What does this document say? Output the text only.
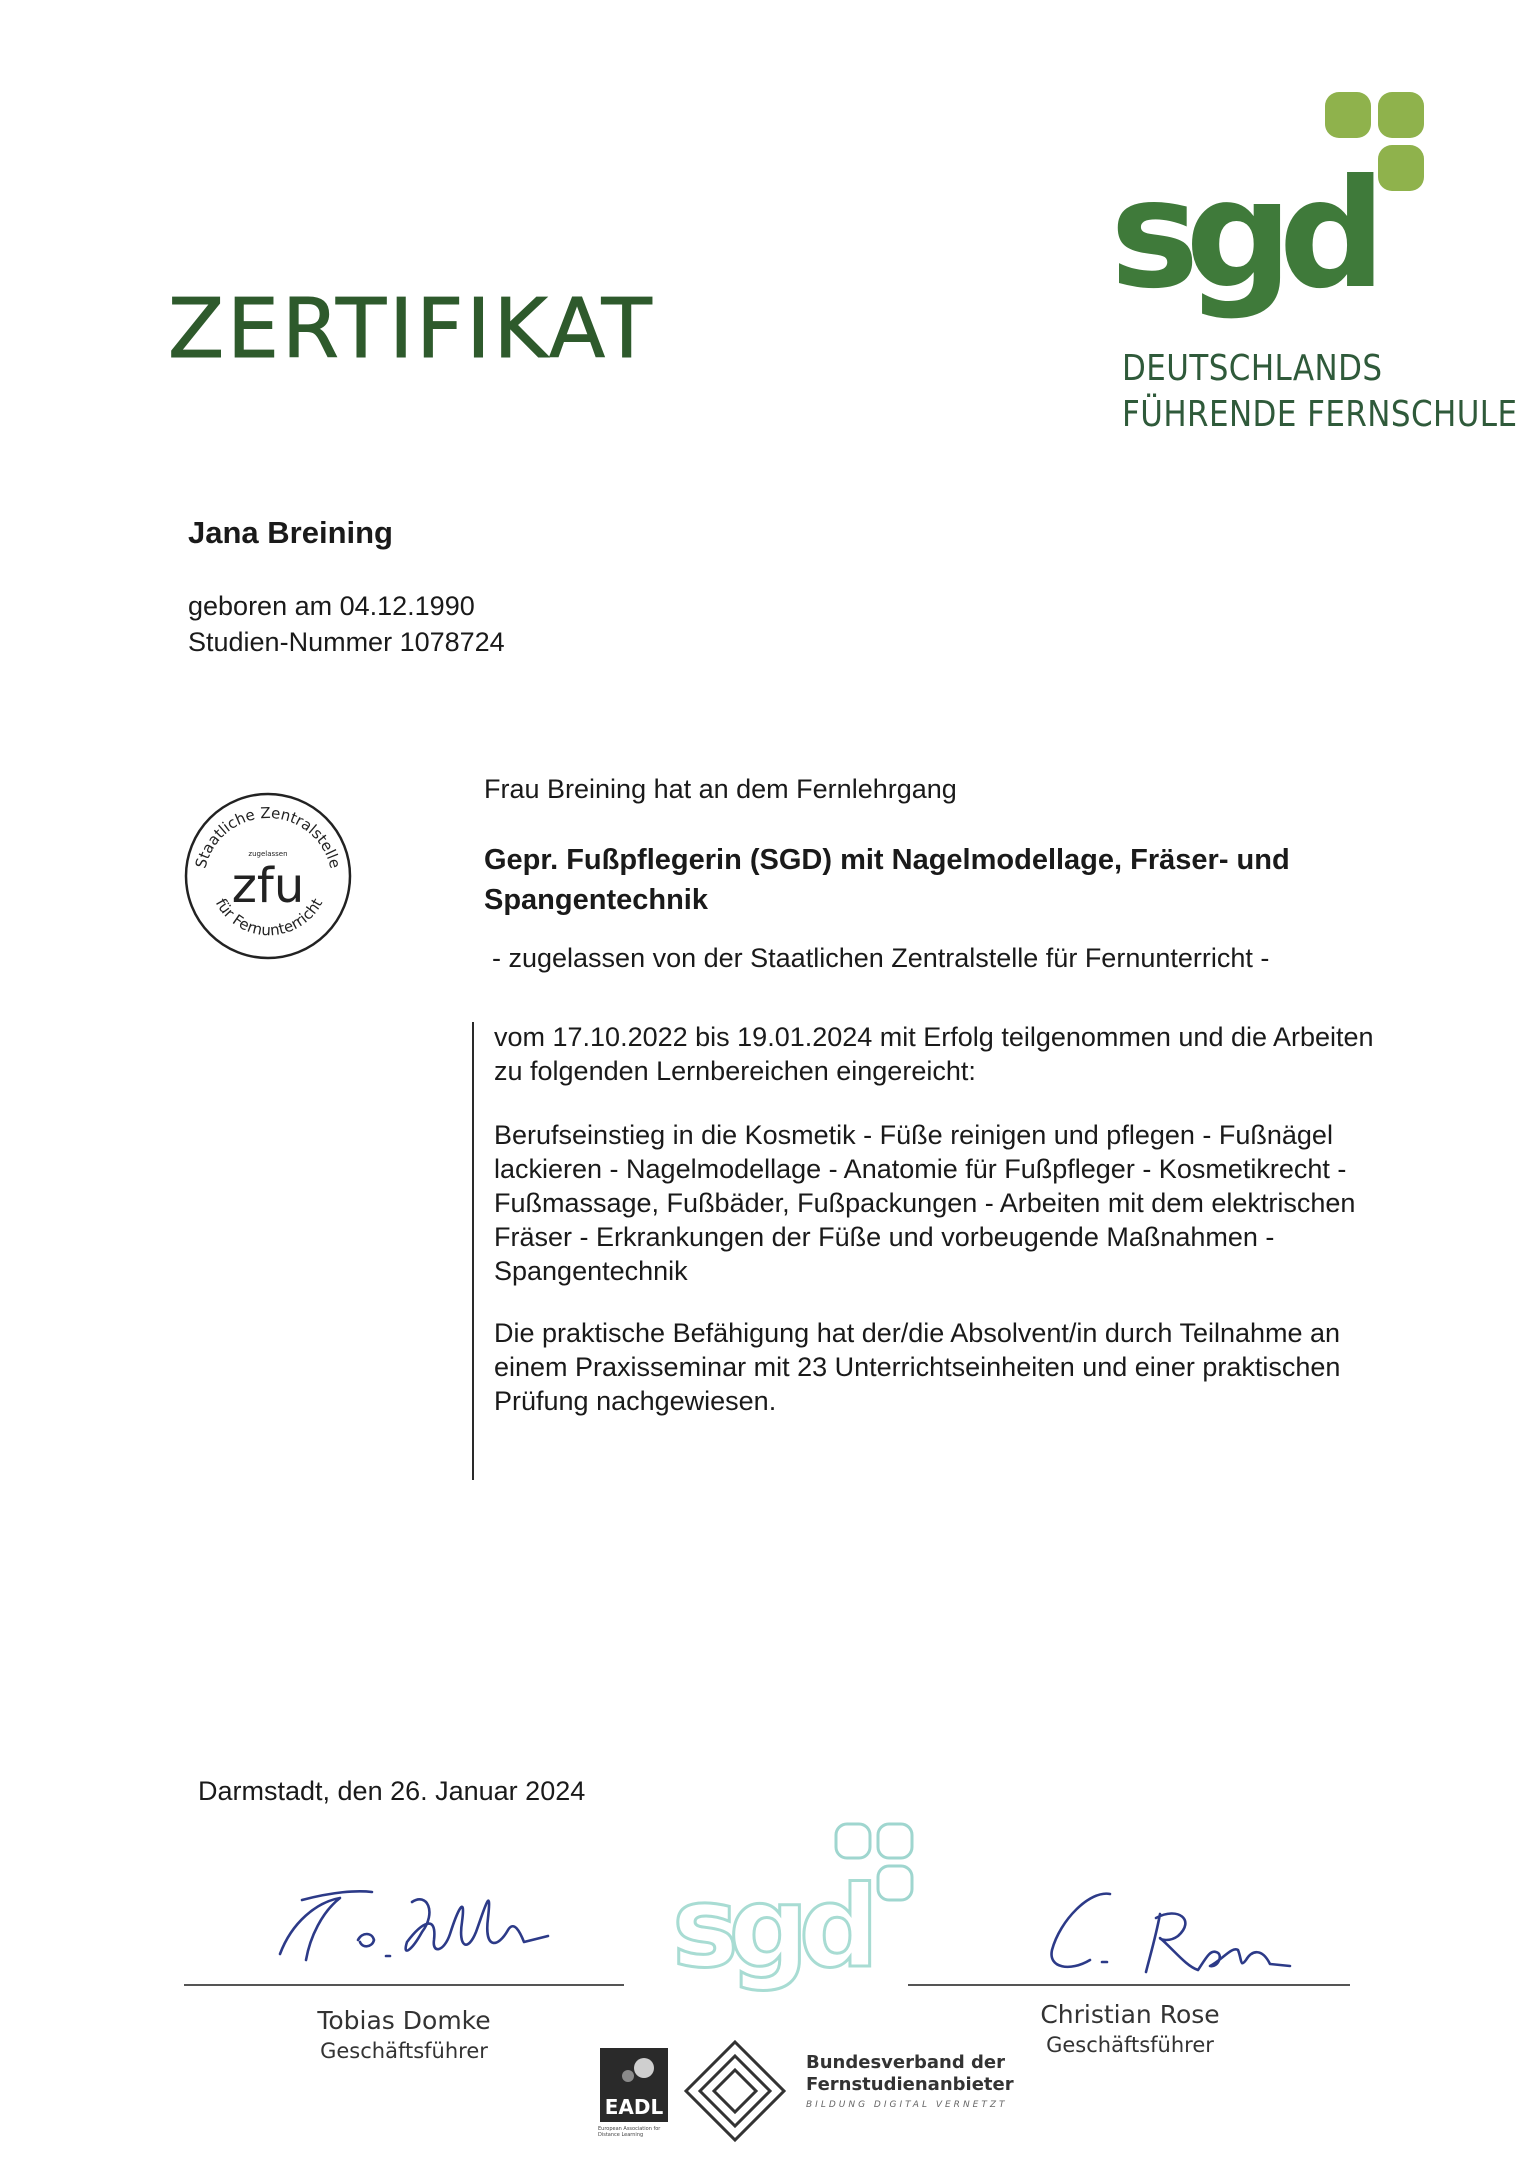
ZERTIFIKAT
sgd
DEUTSCHLANDS
FÜHRENDE FERNSCHULE
Jana Breining
geboren am 04.12.1990
Studien-Nummer 1078724
Staatliche Zentralstelle
zugelassen
zfu
für Fernunterricht
Frau Breining hat an dem Fernlehrgang
Gepr. Fußpflegerin (SGD) mit Nagelmodellage, Fräser- und
Spangentechnik
- zugelassen von der Staatlichen Zentralstelle für Fernunterricht -
vom 17.10.2022 bis 19.01.2024 mit Erfolg teilgenommen und die Arbeiten
zu folgenden Lernbereichen eingereicht:
Berufseinstieg in die Kosmetik - Füße reinigen und pflegen - Fußnägel
lackieren - Nagelmodellage - Anatomie für Fußpfleger - Kosmetikrecht -
Fußmassage, Fußbäder, Fußpackungen - Arbeiten mit dem elektrischen
Fräser - Erkrankungen der Füße und vorbeugende Maßnahmen -
Spangentechnik
Die praktische Befähigung hat der/die Absolvent/in durch Teilnahme an
einem Praxisseminar mit 23 Unterrichtseinheiten und einer praktischen
Prüfung nachgewiesen.
Darmstadt, den 26. Januar 2024
sgd
Tobias Domke
Geschäftsführer
Christian Rose
Geschäftsführer
EADL
European Association for Distance Learning
Bundesverband der
Fernstudienanbieter
BILDUNG DIGITAL VERNETZT
